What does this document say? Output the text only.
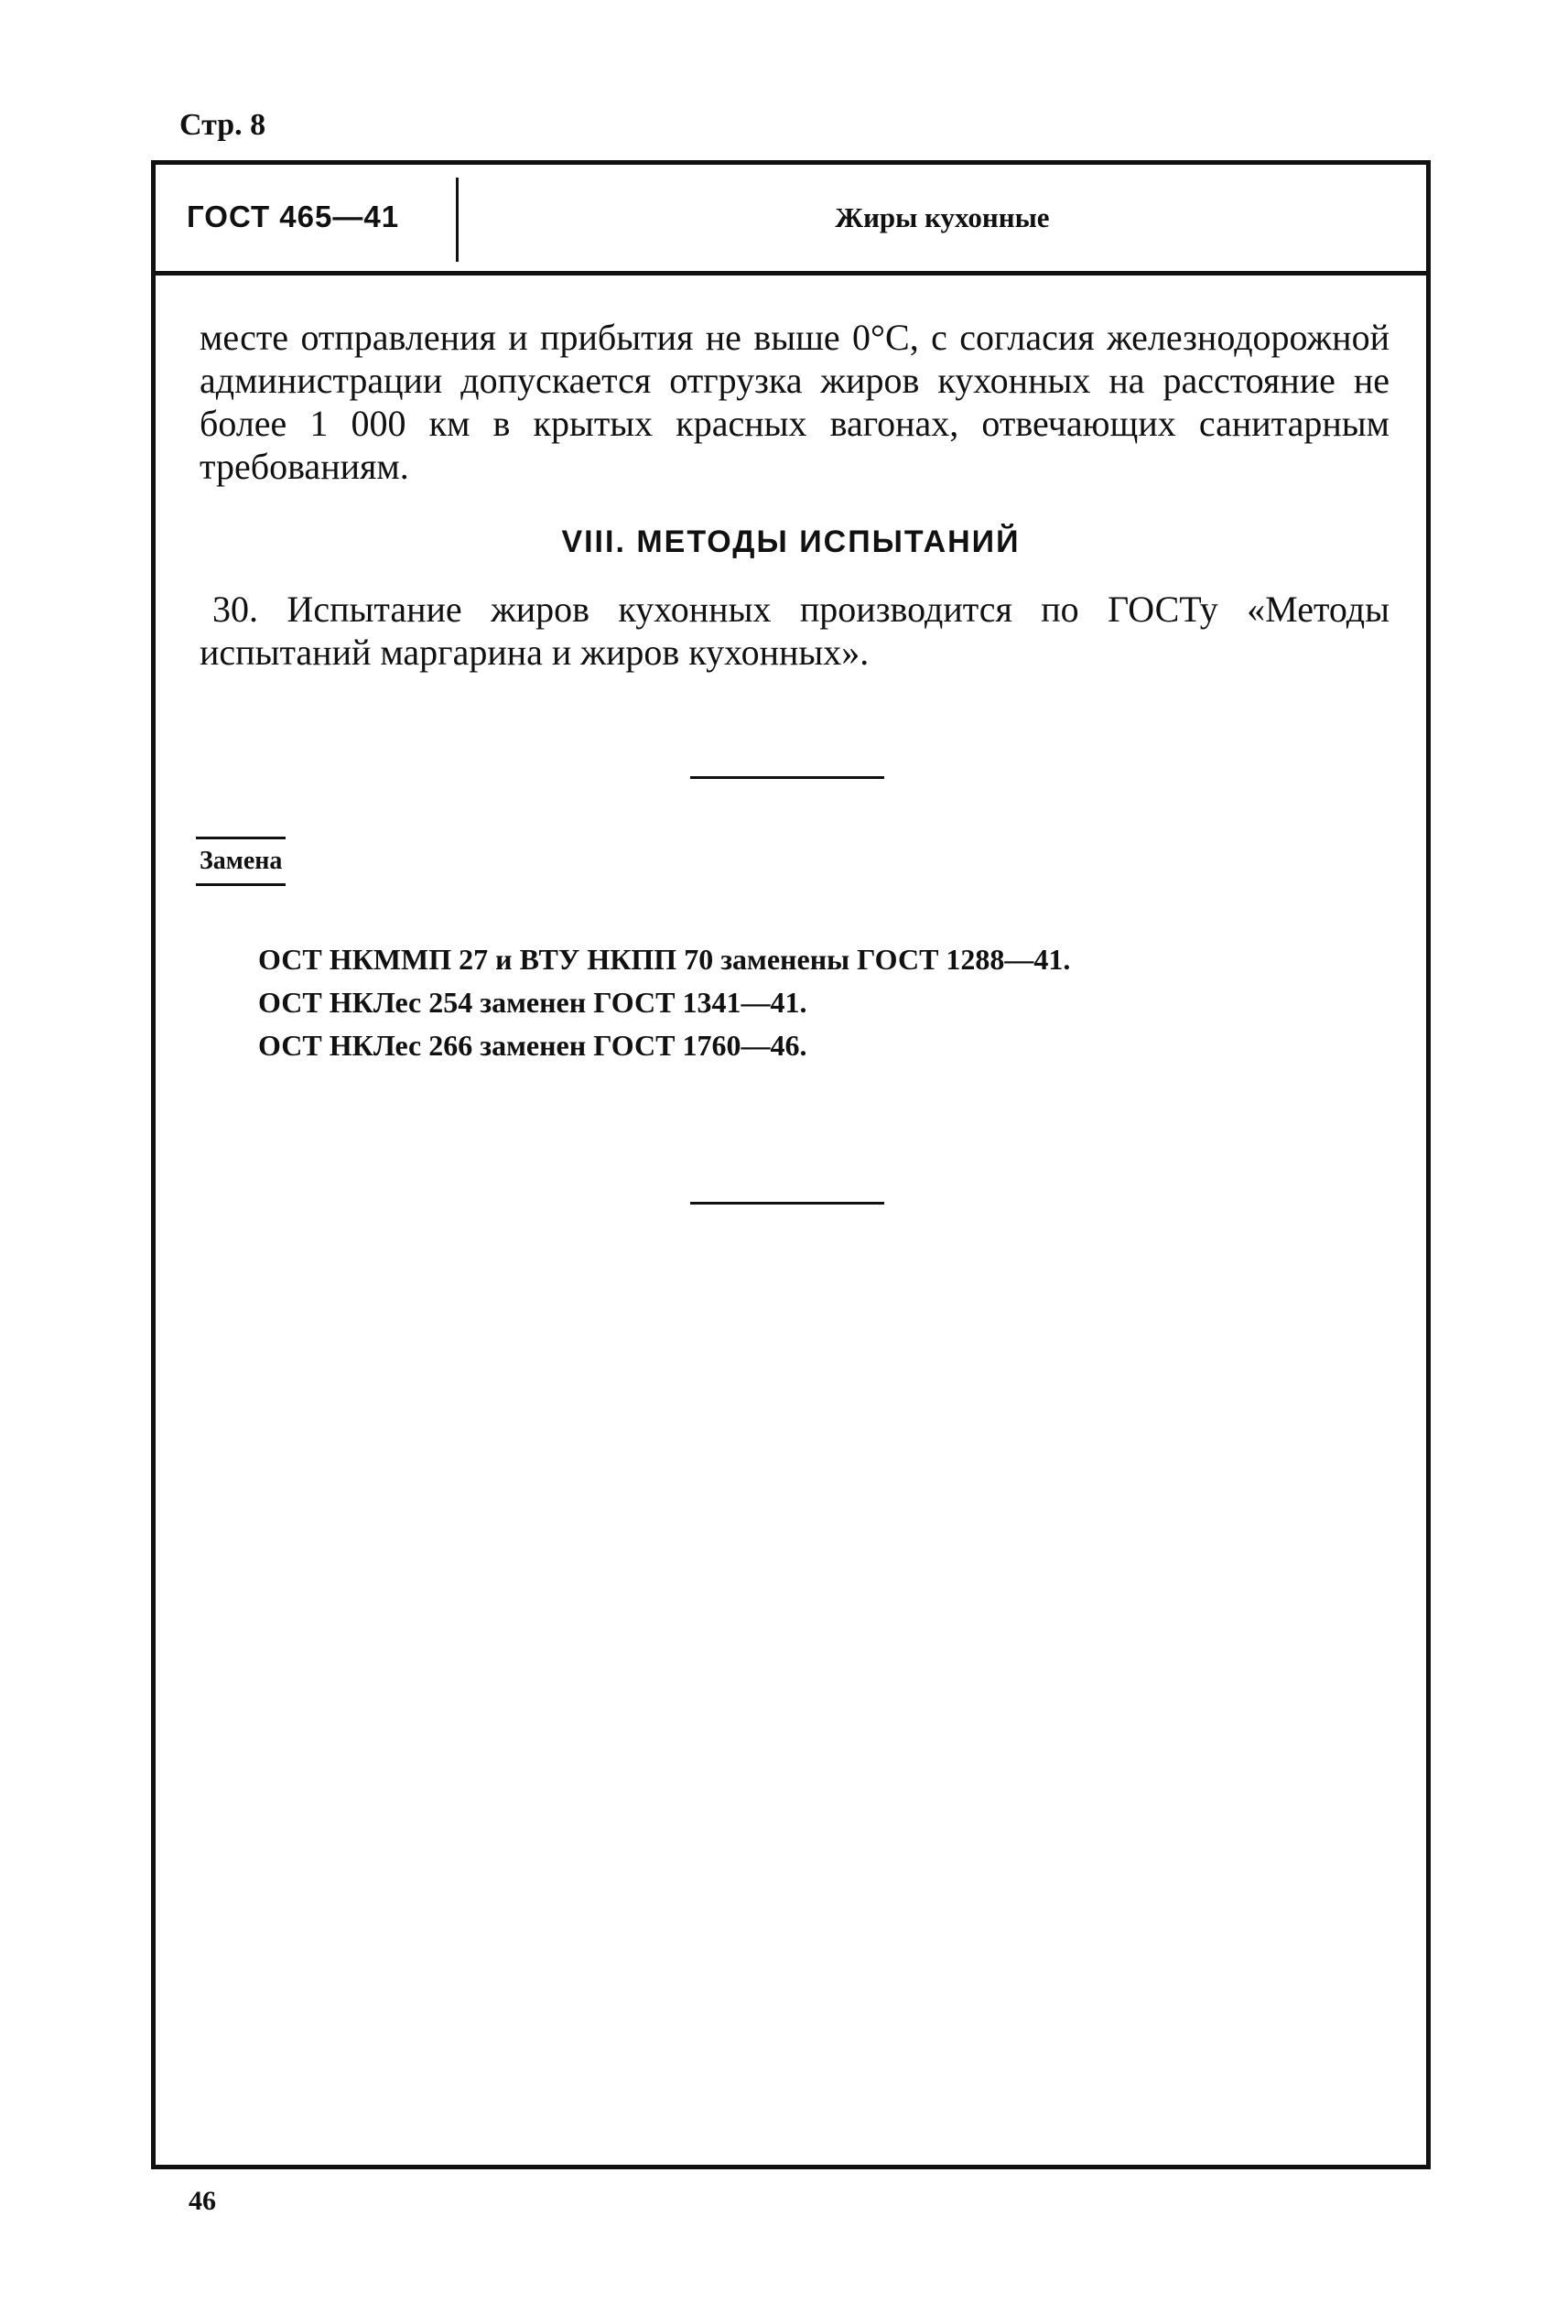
Стр. 8
ГОСТ 465—41	Жиры кухонные
месте отправления и прибытия не выше 0°С, с согласия железнодорожной администрации допускается отгрузка жиров кухонных на расстояние не более 1 000 км в крытых красных вагонах, отвечающих санитарным требованиям.
VIII. МЕТОДЫ ИСПЫТАНИЙ
30. Испытание жиров кухонных производится по ГОСТу «Методы испытаний маргарина и жиров кухонных».
Замена
ОСТ НКММП 27 и ВТУ НКПП 70 заменены ГОСТ 1288—41.
ОСТ НКЛес 254 заменен ГОСТ 1341—41.
ОСТ НКЛес 266 заменен ГОСТ 1760—46.
46
